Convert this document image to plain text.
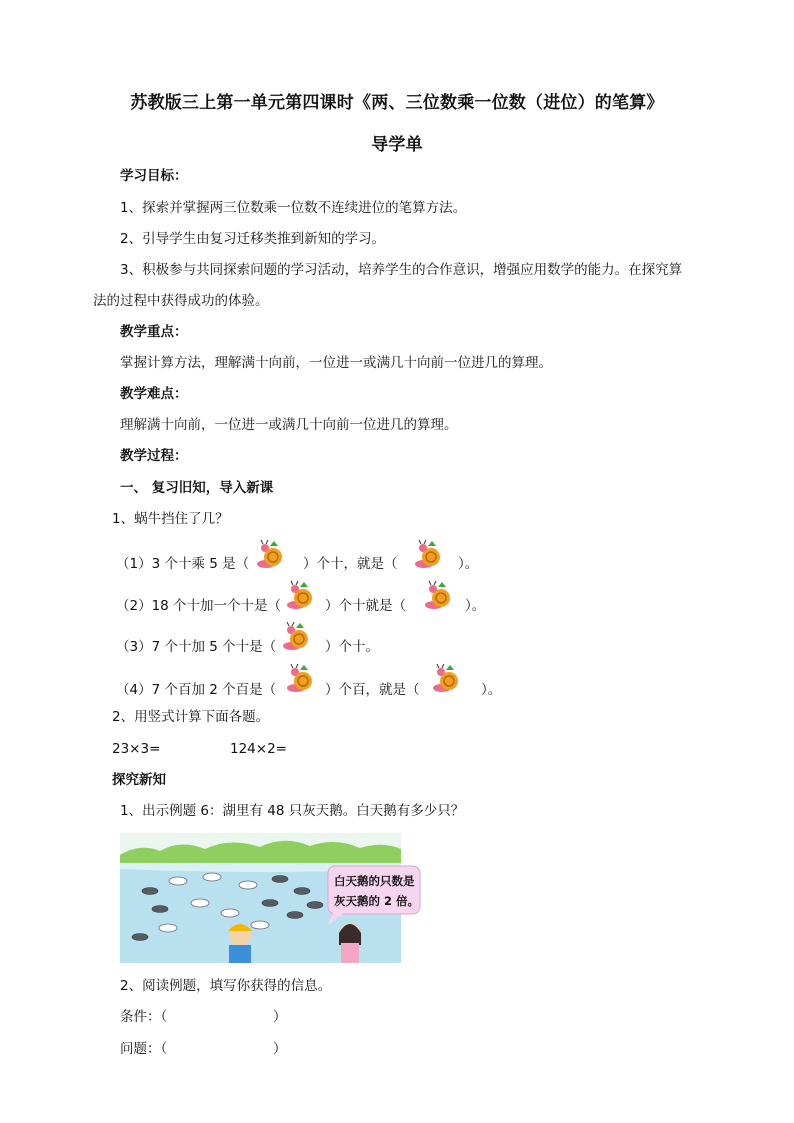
苏教版三上第一单元第四课时《两、三位数乘一位数（进位）的笔算》
导学单
学习目标：
1、探索并掌握两三位数乘一位数不连续进位的笔算方法。
2、引导学生由复习迁移类推到新知的学习。
3、积极参与共同探索问题的学习活动，培养学生的合作意识，增强应用数学的能力。在探究算
法的过程中获得成功的体验。
教学重点：
掌握计算方法，理解满十向前，一位进一或满几十向前一位进几的算理。
教学难点：
理解满十向前，一位进一或满几十向前一位进几的算理。
教学过程：
一、 复习旧知，导入新课
1、蜗牛挡住了几？
（1）3 个十乘 5 是（	）个十，就是（	）。
（2）18 个十加一个十是（	）个十就是（	）。
（3）7 个十加 5 个十是（	）个十。
（4）7 个百加 2 个百是（	）个百，就是（	）。
2、用竖式计算下面各题。
23×3=	124×2=
探究新知
1、出示例题 6：湖里有 48 只灰天鹅。白天鹅有多少只？
白天鹅的只数是
灰天鹅的 2 倍。
2、阅读例题，填写你获得的信息。
条件：（	）
问题：（	）
